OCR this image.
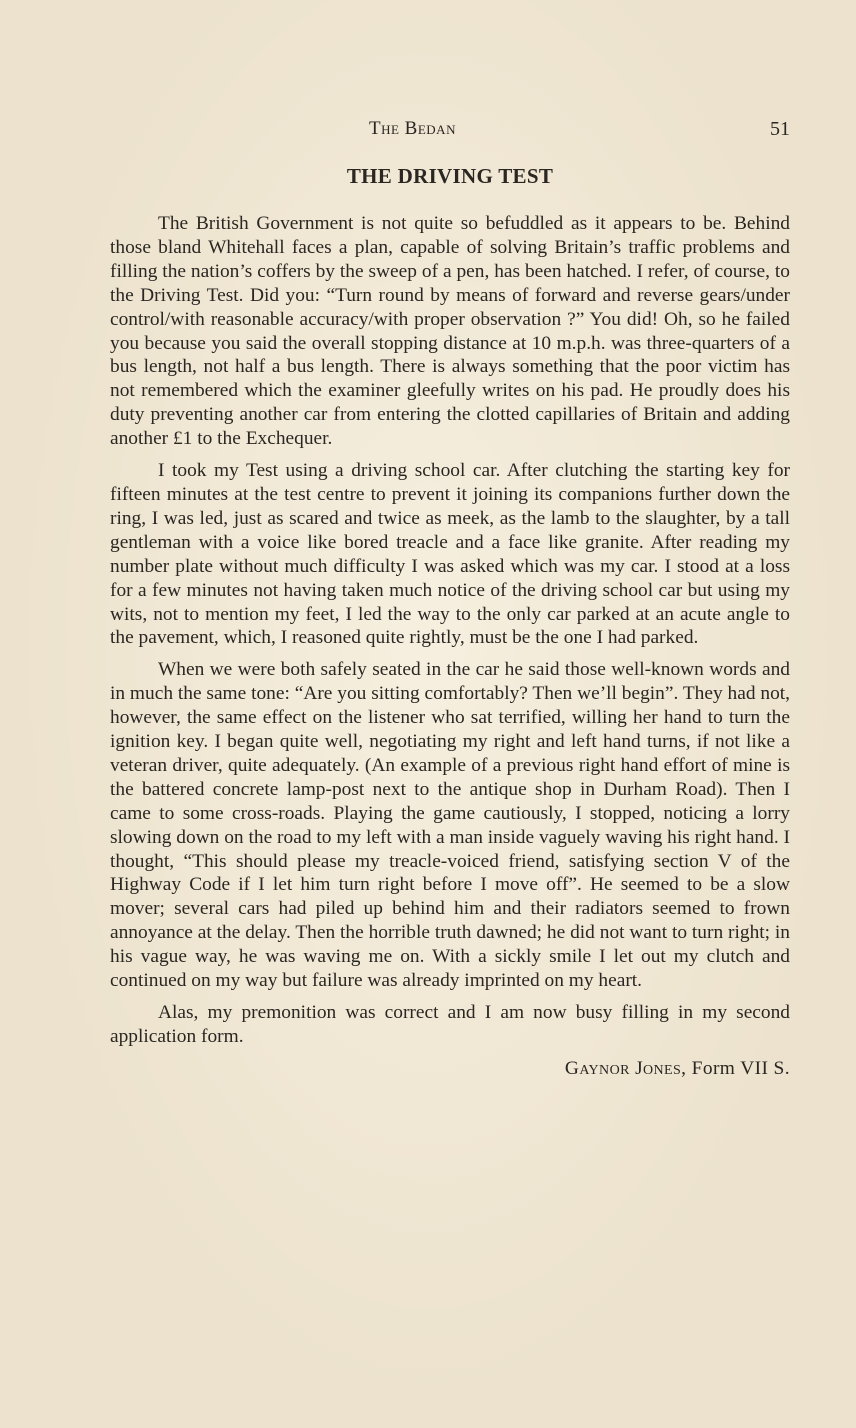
The Bedan	51
THE DRIVING TEST

The British Government is not quite so befuddled as it appears to be. Behind those bland Whitehall faces a plan, capable of solving Britain’s traffic problems and filling the nation’s coffers by the sweep of a pen, has been hatched. I refer, of course, to the Driving Test. Did you: “Turn round by means of forward and reverse gears/under control/with reasonable accuracy/with proper observation ?” You did! Oh, so he failed you because you said the overall stopping distance at 10 m.p.h. was three-quarters of a bus length, not half a bus length. There is always something that the poor victim has not remembered which the examiner gleefully writes on his pad. He proudly does his duty preventing another car from entering the clotted capillaries of Britain and adding another £1 to the Exchequer.

I took my Test using a driving school car. After clutching the starting key for fifteen minutes at the test centre to prevent it joining its companions further down the ring, I was led, just as scared and twice as meek, as the lamb to the slaughter, by a tall gentleman with a voice like bored treacle and a face like granite. After reading my number plate without much difficulty I was asked which was my car. I stood at a loss for a few minutes not having taken much notice of the driving school car but using my wits, not to mention my feet, I led the way to the only car parked at an acute angle to the pavement, which, I reasoned quite rightly, must be the one I had parked.

When we were both safely seated in the car he said those well-known words and in much the same tone: “Are you sitting comfortably? Then we’ll begin”. They had not, however, the same effect on the listener who sat terrified, willing her hand to turn the ignition key. I began quite well, negotiating my right and left hand turns, if not like a veteran driver, quite adequately. (An example of a previous right hand effort of mine is the battered concrete lamp-post next to the antique shop in Durham Road). Then I came to some cross-roads. Playing the game cautiously, I stopped, noticing a lorry slowing down on the road to my left with a man inside vaguely waving his right hand. I thought, “This should please my treacle-voiced friend, satisfying section V of the Highway Code if I let him turn right before I move off”. He seemed to be a slow mover; several cars had piled up behind him and their radiators seemed to frown annoyance at the delay. Then the horrible truth dawned; he did not want to turn right; in his vague way, he was waving me on. With a sickly smile I let out my clutch and continued on my way but failure was already imprinted on my heart.

Alas, my premonition was correct and I am now busy filling in my second application form.

Gaynor Jones, Form VII S.
